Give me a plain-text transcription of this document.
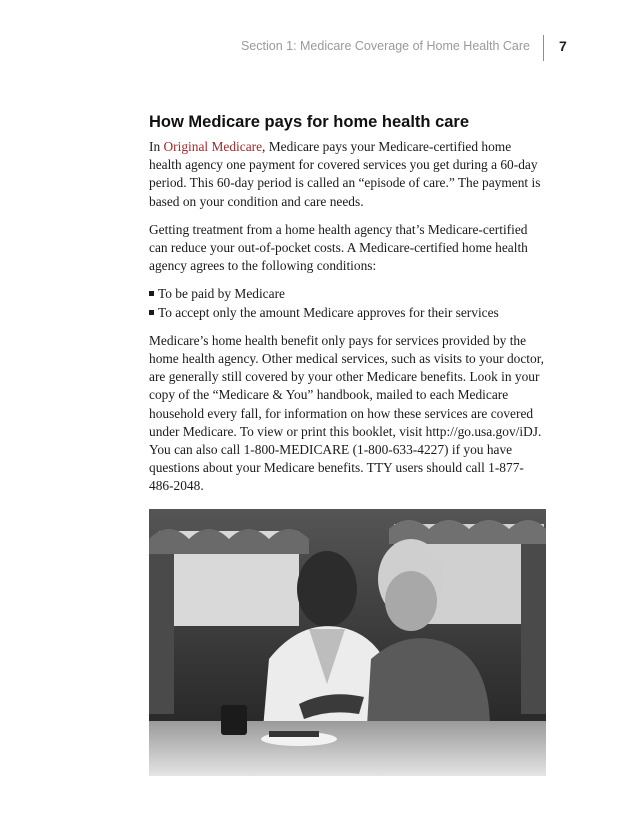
Section 1: Medicare Coverage of Home Health Care 7
How Medicare pays for home health care

In Original Medicare, Medicare pays your Medicare-certified home health agency one payment for covered services you get during a 60-day period. This 60-day period is called an “episode of care.” The payment is based on your condition and care needs.

Getting treatment from a home health agency that’s Medicare-certified can reduce your out-of-pocket costs. A Medicare-certified home health agency agrees to the following conditions:

To be paid by Medicare
To accept only the amount Medicare approves for their services

Medicare’s home health benefit only pays for services provided by the home health agency. Other medical services, such as visits to your doctor, are generally still covered by your other Medicare benefits. Look in your copy of the “Medicare & You” handbook, mailed to each Medicare household every fall, for information on how these services are covered under Medicare. To view or print this booklet, visit http://go.usa.gov/iDJ. You can also call 1-800-MEDICARE (1-800-633-4227) if you have questions about your Medicare benefits. TTY users should call 1-877-486-2048.
